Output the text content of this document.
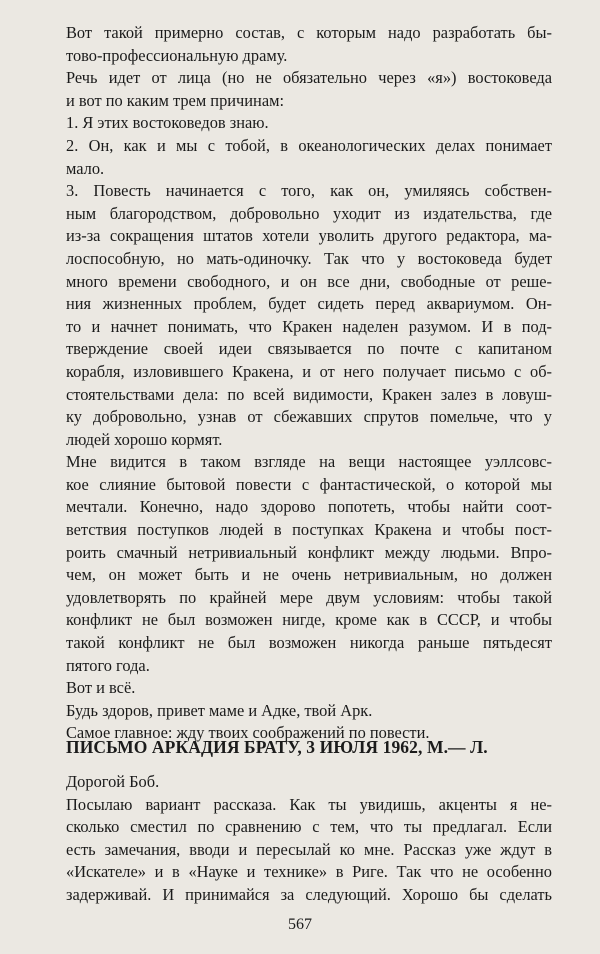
Вот такой примерно состав, с которым надо разработать бы-
тово-профессиональную драму.
Речь идет от лица (но не обязательно через «я») востоковеда
и вот по каким трем причинам:
1. Я этих востоковедов знаю.
2. Он, как и мы с тобой, в океанологических делах понимает
мало.
3. Повесть начинается с того, как он, умиляясь собствен-
ным благородством, добровольно уходит из издательства, где
из-за сокращения штатов хотели уволить другого редактора, ма-
лоспособную, но мать-одиночку. Так что у востоковеда будет
много времени свободного, и он все дни, свободные от реше-
ния жизненных проблем, будет сидеть перед аквариумом. Он-
то и начнет понимать, что Кракен наделен разумом. И в под-
тверждение своей идеи связывается по почте с капитаном
корабля, изловившего Кракена, и от него получает письмо с об-
стоятельствами дела: по всей видимости, Кракен залез в ловуш-
ку добровольно, узнав от сбежавших спрутов помельче, что у
людей хорошо кормят.
Мне видится в таком взгляде на вещи настоящее уэллсовс-
кое слияние бытовой повести с фантастической, о которой мы
мечтали. Конечно, надо здорово попотеть, чтобы найти соот-
ветствия поступков людей в поступках Кракена и чтобы пост-
роить смачный нетривиальный конфликт между людьми. Впро-
чем, он может быть и не очень нетривиальным, но должен
удовлетворять по крайней мере двум условиям: чтобы такой
конфликт не был возможен нигде, кроме как в СССР, и чтобы
такой конфликт не был возможен никогда раньше пятьдесят
пятого года.
Вот и всё.
Будь здоров, привет маме и Адке, твой Арк.
Самое главное: жду твоих соображений по повести.
ПИСЬМО АРКАДИЯ БРАТУ, 3 ИЮЛЯ 1962, М.— Л.
Дорогой Боб.
Посылаю вариант рассказа. Как ты увидишь, акценты я не-
сколько сместил по сравнению с тем, что ты предлагал. Если
есть замечания, вводи и пересылай ко мне. Рассказ уже ждут в
«Искателе» и в «Науке и технике» в Риге. Так что не особенно
задерживай. И принимайся за следующий. Хорошо бы сделать
567
